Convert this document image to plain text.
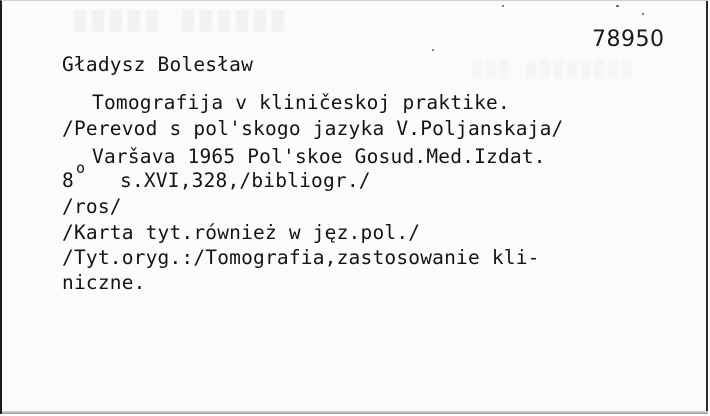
▒▒▒▒▒ ▒▒▒▒▒▒
▒▒▒ ▒▒▒▒▒▒▒▒
78950
Gładysz Bolesław
Tomografija v kliničeskoj praktike.
/Perevod s pol'skogo jazyka V.Poljanskaja/
Varšava 1965 Pol'skoe Gosud.Med.Izdat.
8
o
s.XVI,328,/bibliogr./
/ros/
/Karta tyt.również w jęz.pol./
/Tyt.oryg.:/Tomografia,zastosowanie kli-
niczne.
